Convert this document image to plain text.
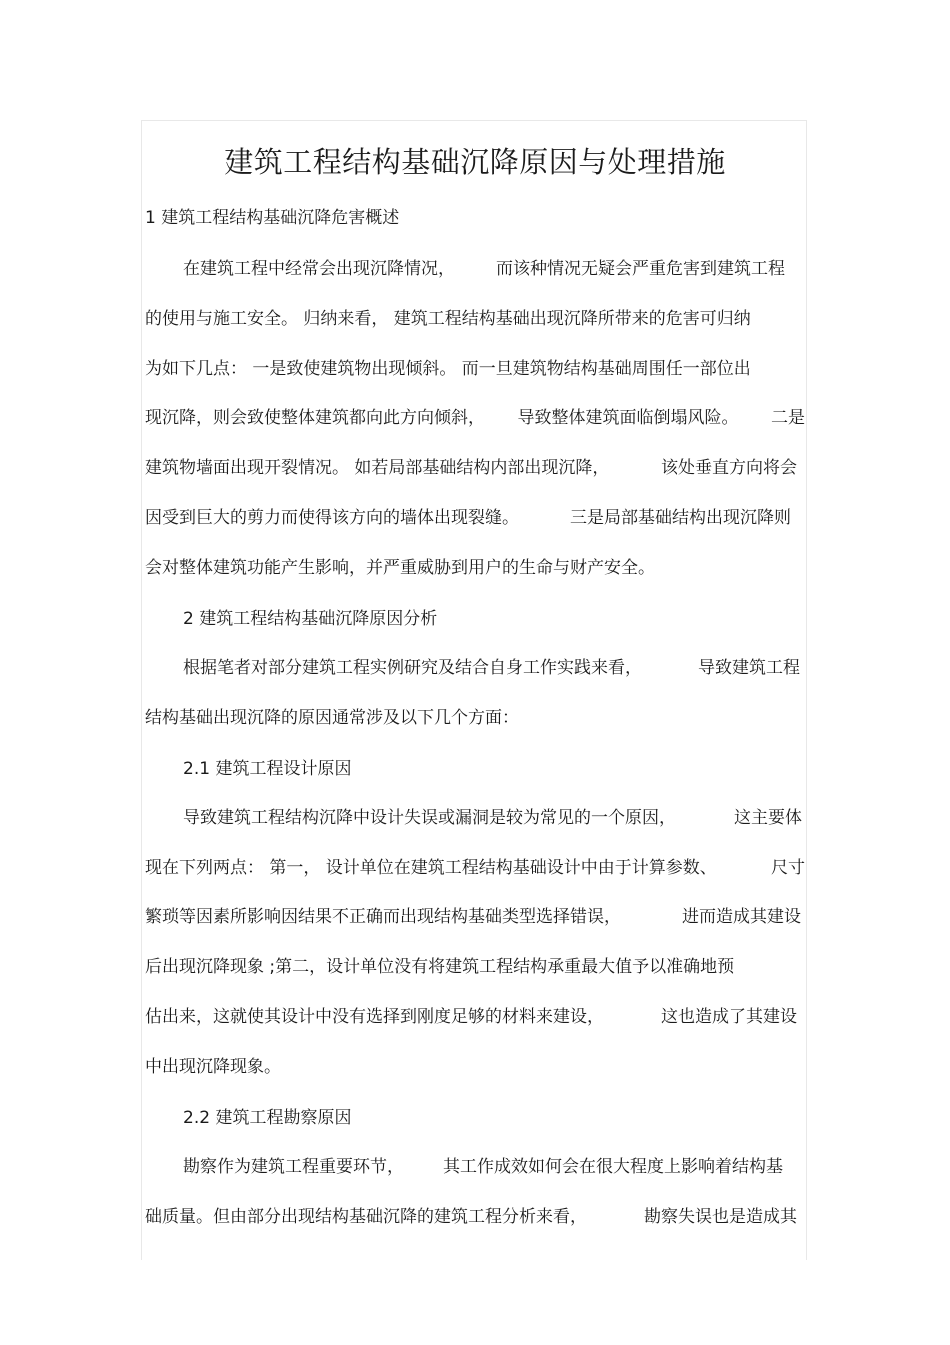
建筑工程结构基础沉降原因与处理措施
1 建筑工程结构基础沉降危害概述
在建筑工程中经常会出现沉降情况， 而该种情况无疑会严重危害到建筑工程
的使用与施工安全。 归纳来看， 建筑工程结构基础出现沉降所带来的危害可归纳
为如下几点： 一是致使建筑物出现倾斜。 而一旦建筑物结构基础周围任一部位出
现沉降，则会致使整体建筑都向此方向倾斜， 导致整体建筑面临倒塌风险。 二是
建筑物墙面出现开裂情况。 如若局部基础结构内部出现沉降，	该处垂直方向将会
因受到巨大的剪力而使得该方向的墙体出现裂缝。	三是局部基础结构出现沉降则
会对整体建筑功能产生影响，并严重威胁到用户的生命与财产安全。
2 建筑工程结构基础沉降原因分析
根据笔者对部分建筑工程实例研究及结合自身工作实践来看，	导致建筑工程
结构基础出现沉降的原因通常涉及以下几个方面：
2.1 建筑工程设计原因
导致建筑工程结构沉降中设计失误或漏洞是较为常见的一个原因，	这主要体
现在下列两点： 第一， 设计单位在建筑工程结构基础设计中由于计算参数、	尺寸
繁琐等因素所影响因结果不正确而出现结构基础类型选择错误，	进而造成其建设
后出现沉降现象 ;第二，设计单位没有将建筑工程结构承重最大值予以准确地预
估出来，这就使其设计中没有选择到刚度足够的材料来建设，	这也造成了其建设
中出现沉降现象。
2.2 建筑工程勘察原因
勘察作为建筑工程重要环节， 其工作成效如何会在很大程度上影响着结构基
础质量。但由部分出现结构基础沉降的建筑工程分析来看，	勘察失误也是造成其
